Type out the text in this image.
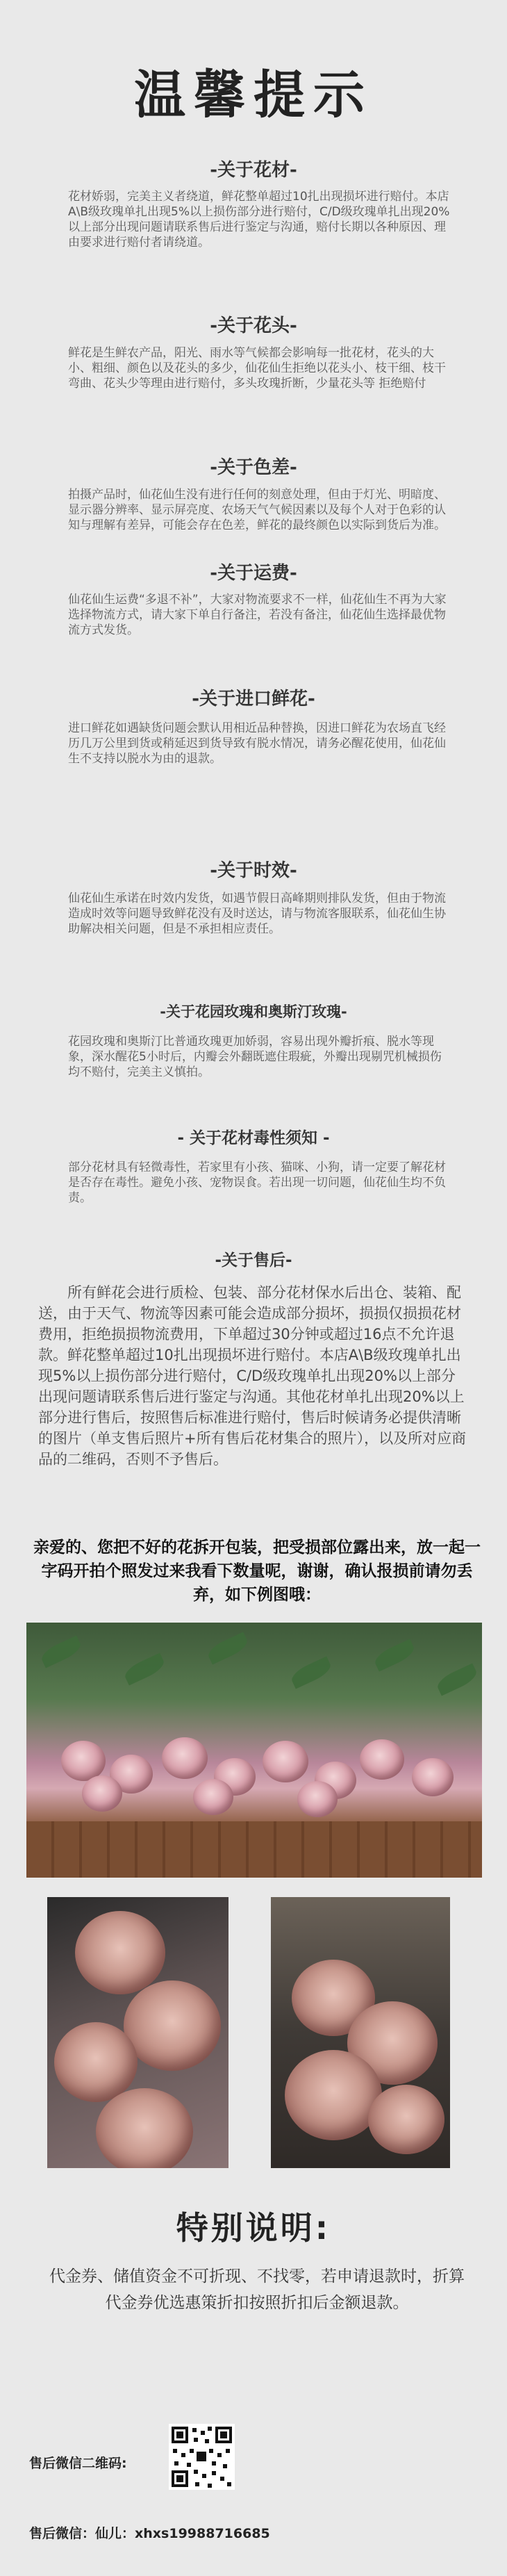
温馨提示
-关于花材-
花材娇弱，完美主义者绕道，鲜花整单超过10扎出现损坏进行赔付。本店A\B级玫瑰单扎出现5%以上损伤部分进行赔付，C/D级玫瑰单扎出现20%以上部分出现问题请联系售后进行鉴定与沟通，赔付长期以各种原因、理由要求进行赔付者请绕道。
-关于花头-
鲜花是生鲜农产品，阳光、雨水等气候都会影响每一批花材，花头的大小、粗细、颜色以及花头的多少，仙花仙生拒绝以花头小、枝干细、枝干弯曲、花头少等理由进行赔付，多头玫瑰折断，少量花头等 拒绝赔付
-关于色差-
拍摄产品时，仙花仙生没有进行任何的刻意处理，但由于灯光、明暗度、显示器分辨率、显示屏亮度、农场天气气候因素以及每个人对于色彩的认知与理解有差异，可能会存在色差，鲜花的最终颜色以实际到货后为准。
-关于运费-
仙花仙生运费“多退不补”，大家对物流要求不一样，仙花仙生不再为大家选择物流方式，请大家下单自行备注，若没有备注，仙花仙生选择最优物流方式发货。
-关于进口鲜花-
进口鲜花如遇缺货问题会默认用相近品种替换，因进口鲜花为农场直飞经历几万公里到货或稍延迟到货导致有脱水情况，请务必醒花使用，仙花仙生不支持以脱水为由的退款。
-关于时效-
仙花仙生承诺在时效内发货，如遇节假日高峰期则排队发货，但由于物流造成时效等问题导致鲜花没有及时送达，请与物流客服联系，仙花仙生协助解决相关问题，但是不承担相应责任。
-关于花园玫瑰和奥斯汀玫瑰-
花园玫瑰和奥斯汀比普通玫瑰更加娇弱，容易出现外瓣折痕、脱水等现象，深水醒花5小时后，内瓣会外翻既遮住瑕疵，外瓣出现剔咒机械损伤均不赔付，完美主义慎拍。
- 关于花材毒性须知 -
部分花材具有轻微毒性，若家里有小孩、猫咪、小狗，请一定要了解花材是否存在毒性。避免小孩、宠物误食。若出现一切问题，仙花仙生均不负责。
-关于售后-
所有鲜花会进行质检、包装、部分花材保水后出仓、装箱、配送，由于天气、物流等因素可能会造成部分损坏，损损仅损损花材费用，拒绝损损物流费用，下单超过30分钟或超过16点不允许退款。鲜花整单超过10扎出现损坏进行赔付。本店A\B级玫瑰单扎出现5%以上损伤部分进行赔付，C/D级玫瑰单扎出现20%以上部分出现问题请联系售后进行鉴定与沟通。其他花材单扎出现20%以上部分进行售后，按照售后标准进行赔付，售后时候请务必提供清晰的图片（单支售后照片+所有售后花材集合的照片），以及所对应商品的二维码，否则不予售后。
亲爱的、您把不好的花拆开包装，把受损部位露出来，放一起一字码开拍个照发过来我看下数量呢，谢谢，确认报损前请勿丢弃，如下例图哦：
特别说明:
代金券、储值资金不可折现、不找零，若申请退款时，折算代金券优选惠策折扣按照折扣后金额退款。
售后微信二维码:
售后微信：仙儿：xhxs19988716685
